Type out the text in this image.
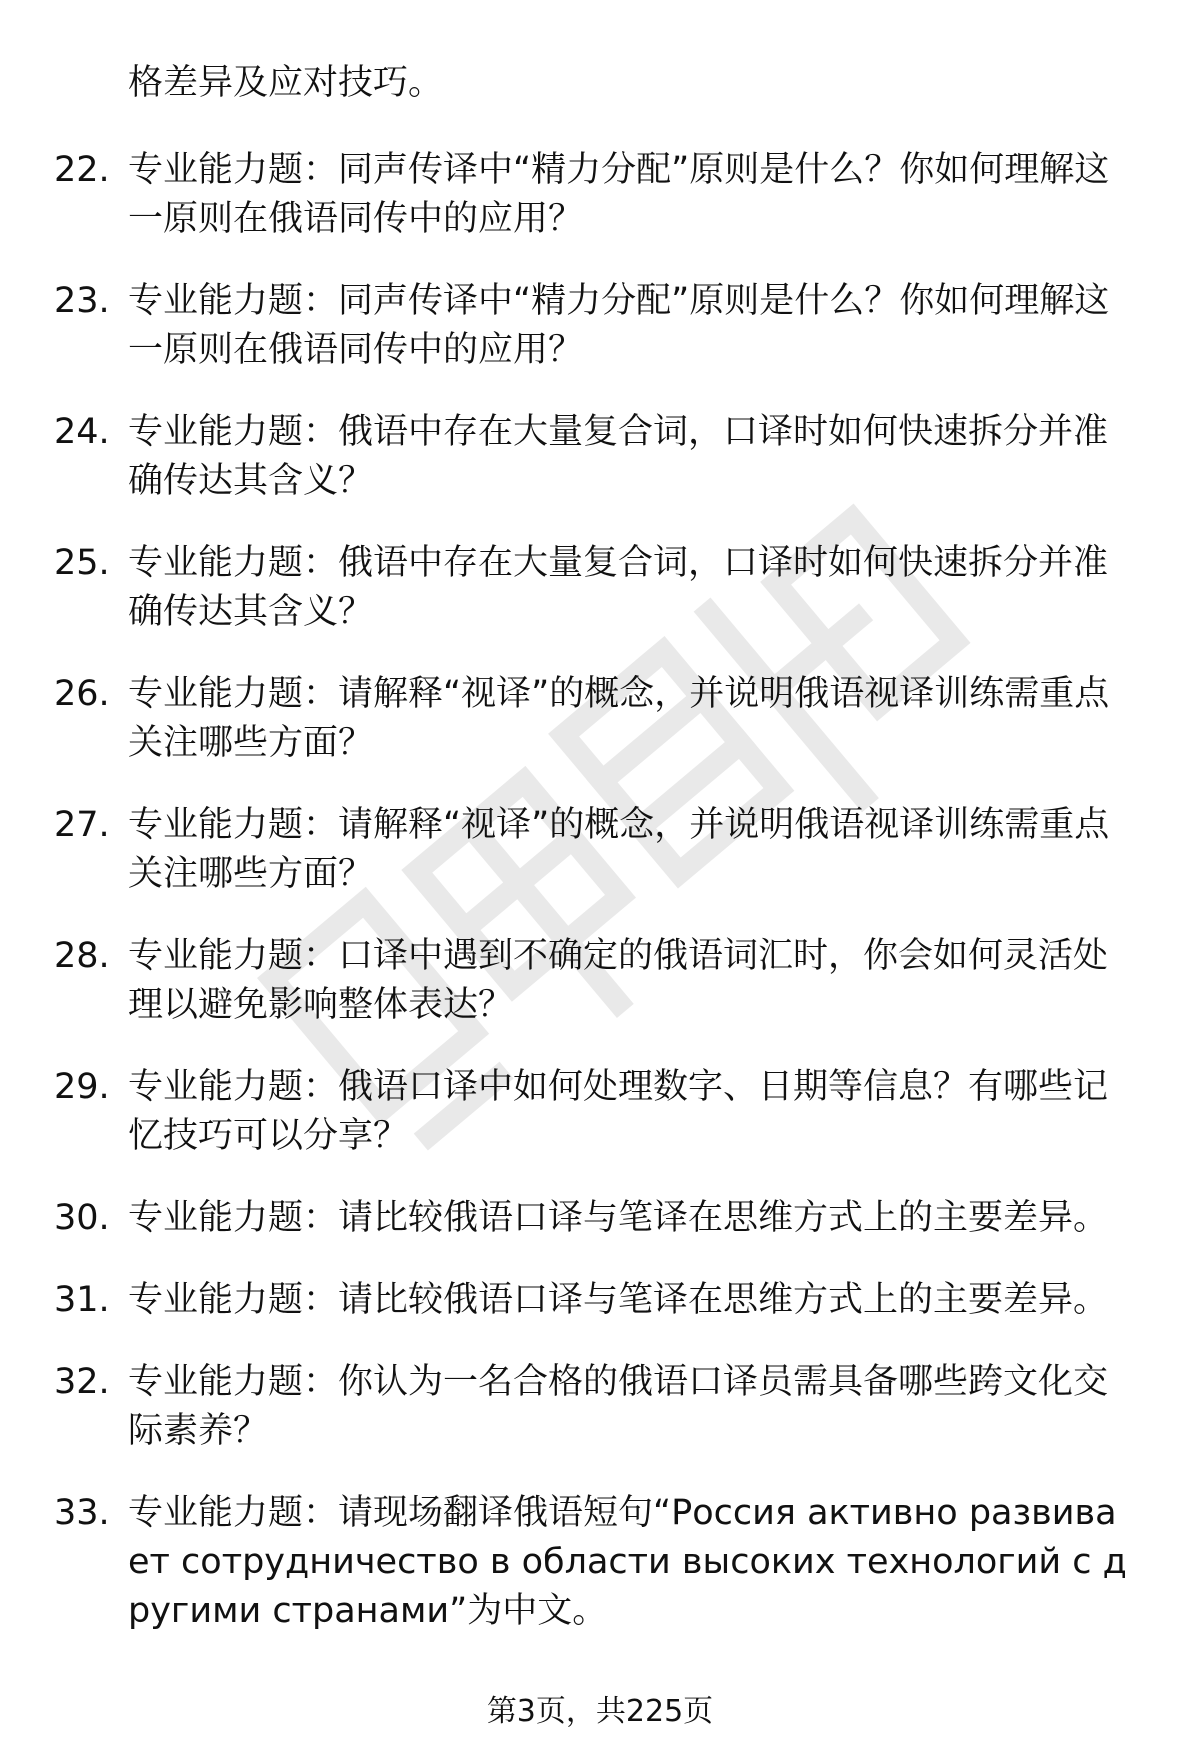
格差异及应对技巧。
22. 专业能力题：同声传译中“精力分配”原则是什么？你如何理解这一原则在俄语同传中的应用？
23. 专业能力题：同声传译中“精力分配”原则是什么？你如何理解这一原则在俄语同传中的应用？
24. 专业能力题：俄语中存在大量复合词，口译时如何快速拆分并准确传达其含义？
25. 专业能力题：俄语中存在大量复合词，口译时如何快速拆分并准确传达其含义？
26. 专业能力题：请解释“视译”的概念，并说明俄语视译训练需重点关注哪些方面？
27. 专业能力题：请解释“视译”的概念，并说明俄语视译训练需重点关注哪些方面？
28. 专业能力题：口译中遇到不确定的俄语词汇时，你会如何灵活处理以避免影响整体表达？
29. 专业能力题：俄语口译中如何处理数字、日期等信息？有哪些记忆技巧可以分享？
30. 专业能力题：请比较俄语口译与笔译在思维方式上的主要差异。
31. 专业能力题：请比较俄语口译与笔译在思维方式上的主要差异。
32. 专业能力题：你认为一名合格的俄语口译员需具备哪些跨文化交际素养？
33. 专业能力题：请现场翻译俄语短句“Россия активно развивает сотрудничество в области высоких технологий с другими странами”为中文。
第3页，共225页
